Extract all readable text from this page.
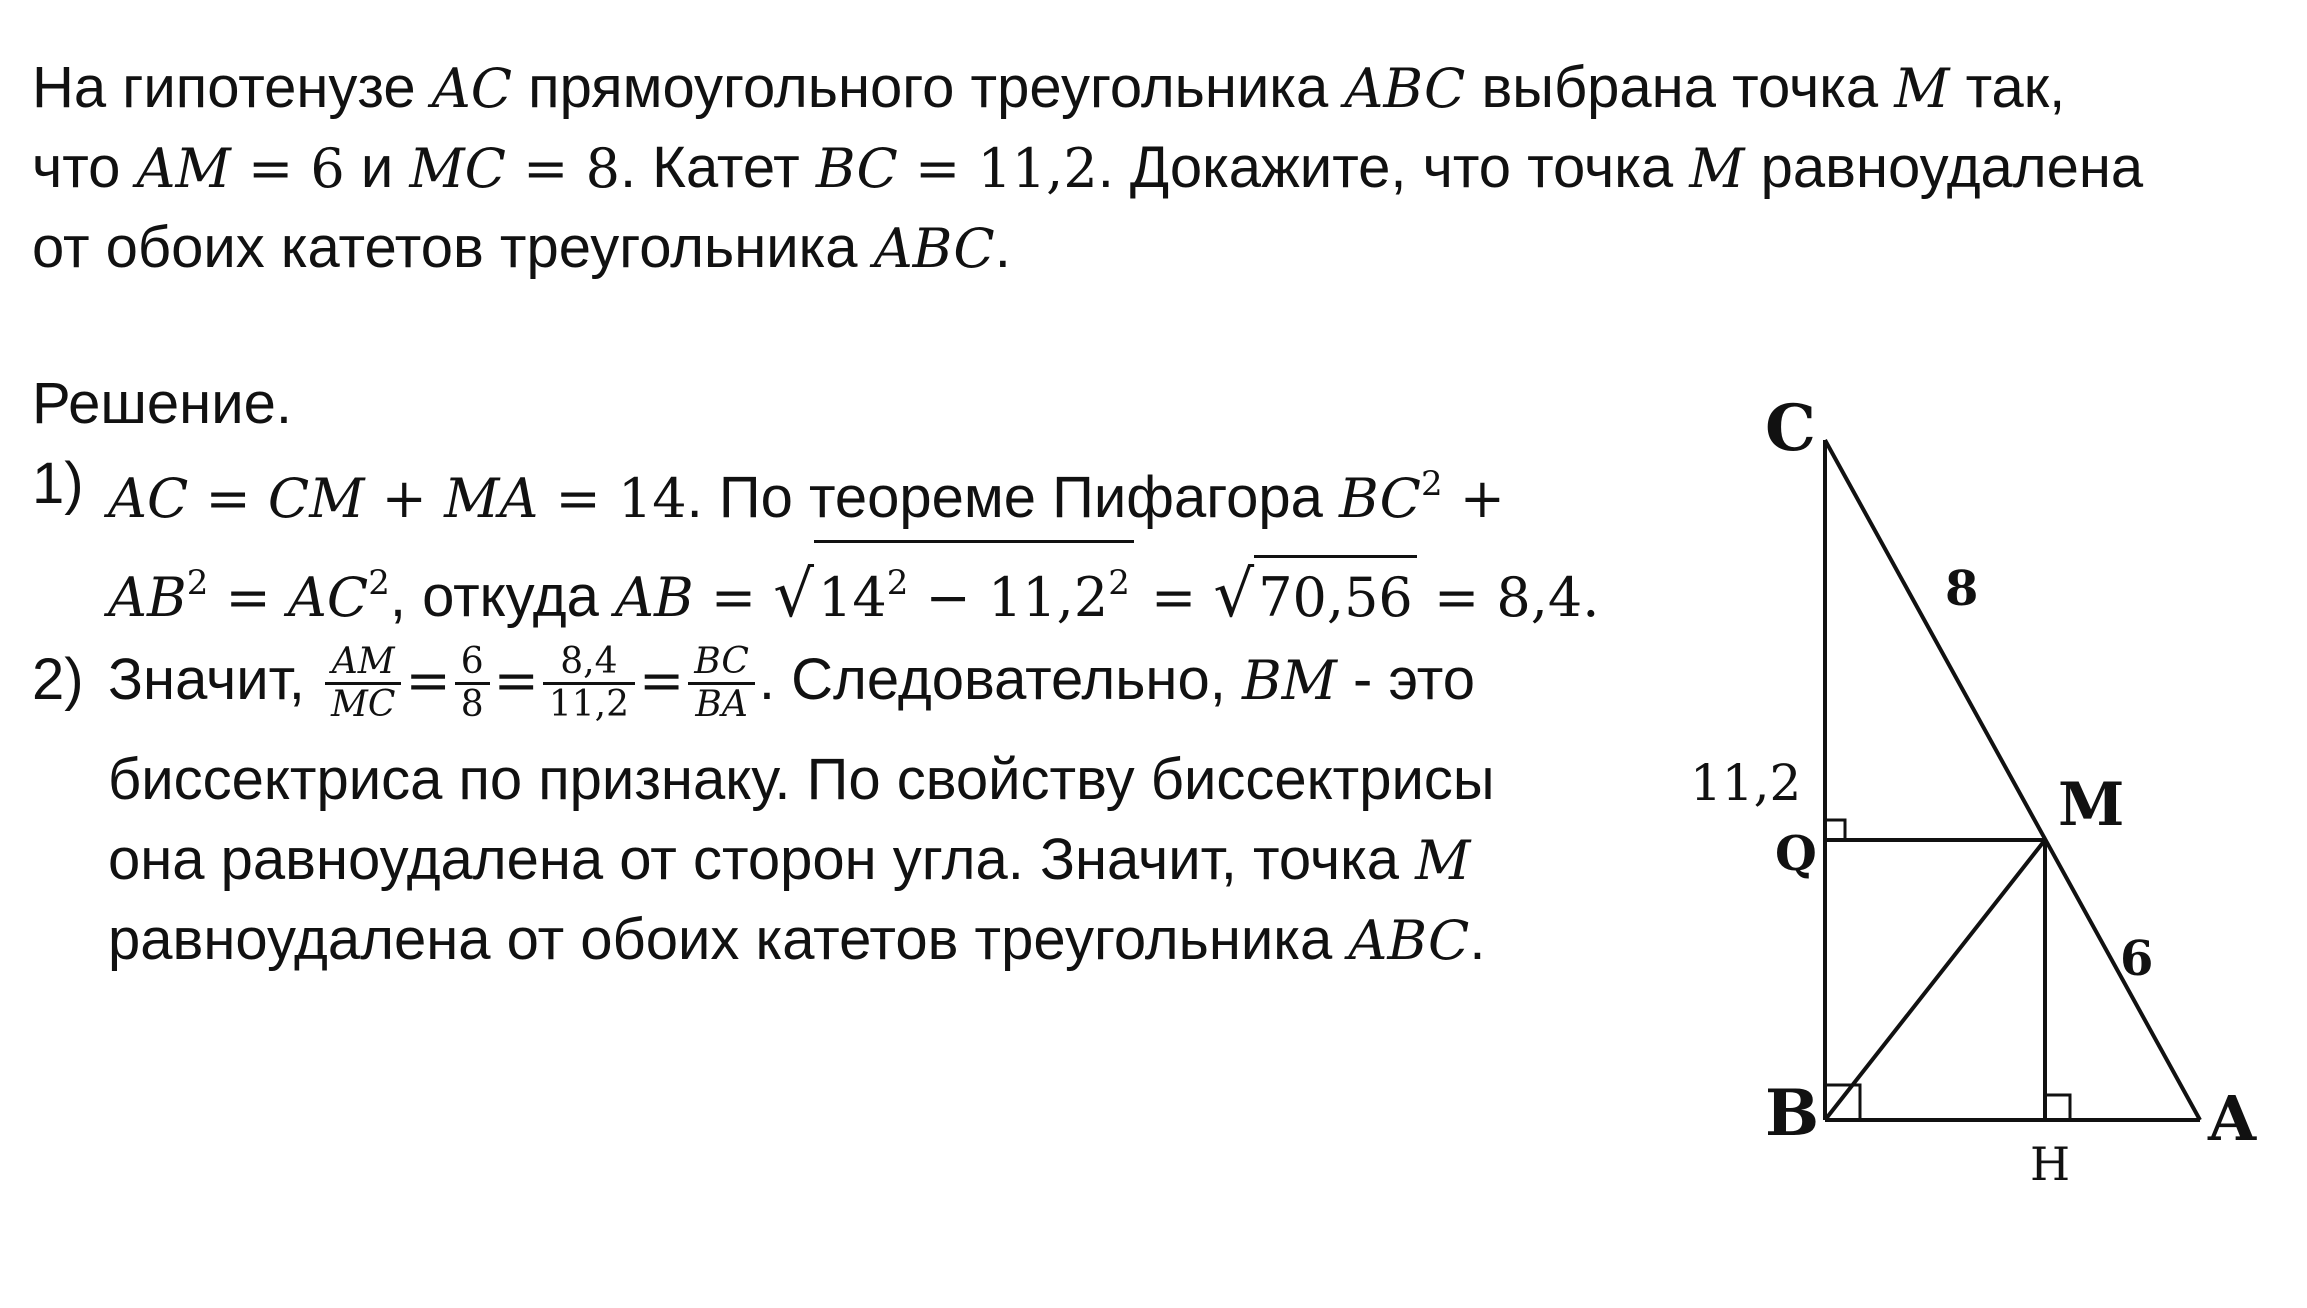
На гипотенузе AC прямоугольного треугольника ABC выбрана точка M так,
что AM = 6 и MC = 8. Катет BC = 11,2. Докажите, что точка M равноудалена
от обоих катетов треугольника ABC.
Решение.
1) AC = CM + MA = 14. По теореме Пифагора $BC^2$ +
$AB^2 = AC^2$, откуда AB = $√14^2 - 11,2^2 = √70,56 = 8,4$.
2) Значит, $\frac{AM}{MC} = \frac{6}{8} = \frac{8,4}{11,2} = \frac{BC}{BA}$ . Следовательно, BM - это
биссектриса по признаку. По свойству биссектрисы
она равноудалена от сторон угла. Значит, точка M
равноудалена от обоих катетов треугольника ABC.
C
M
B	A
Q
H
8
6
11,2
